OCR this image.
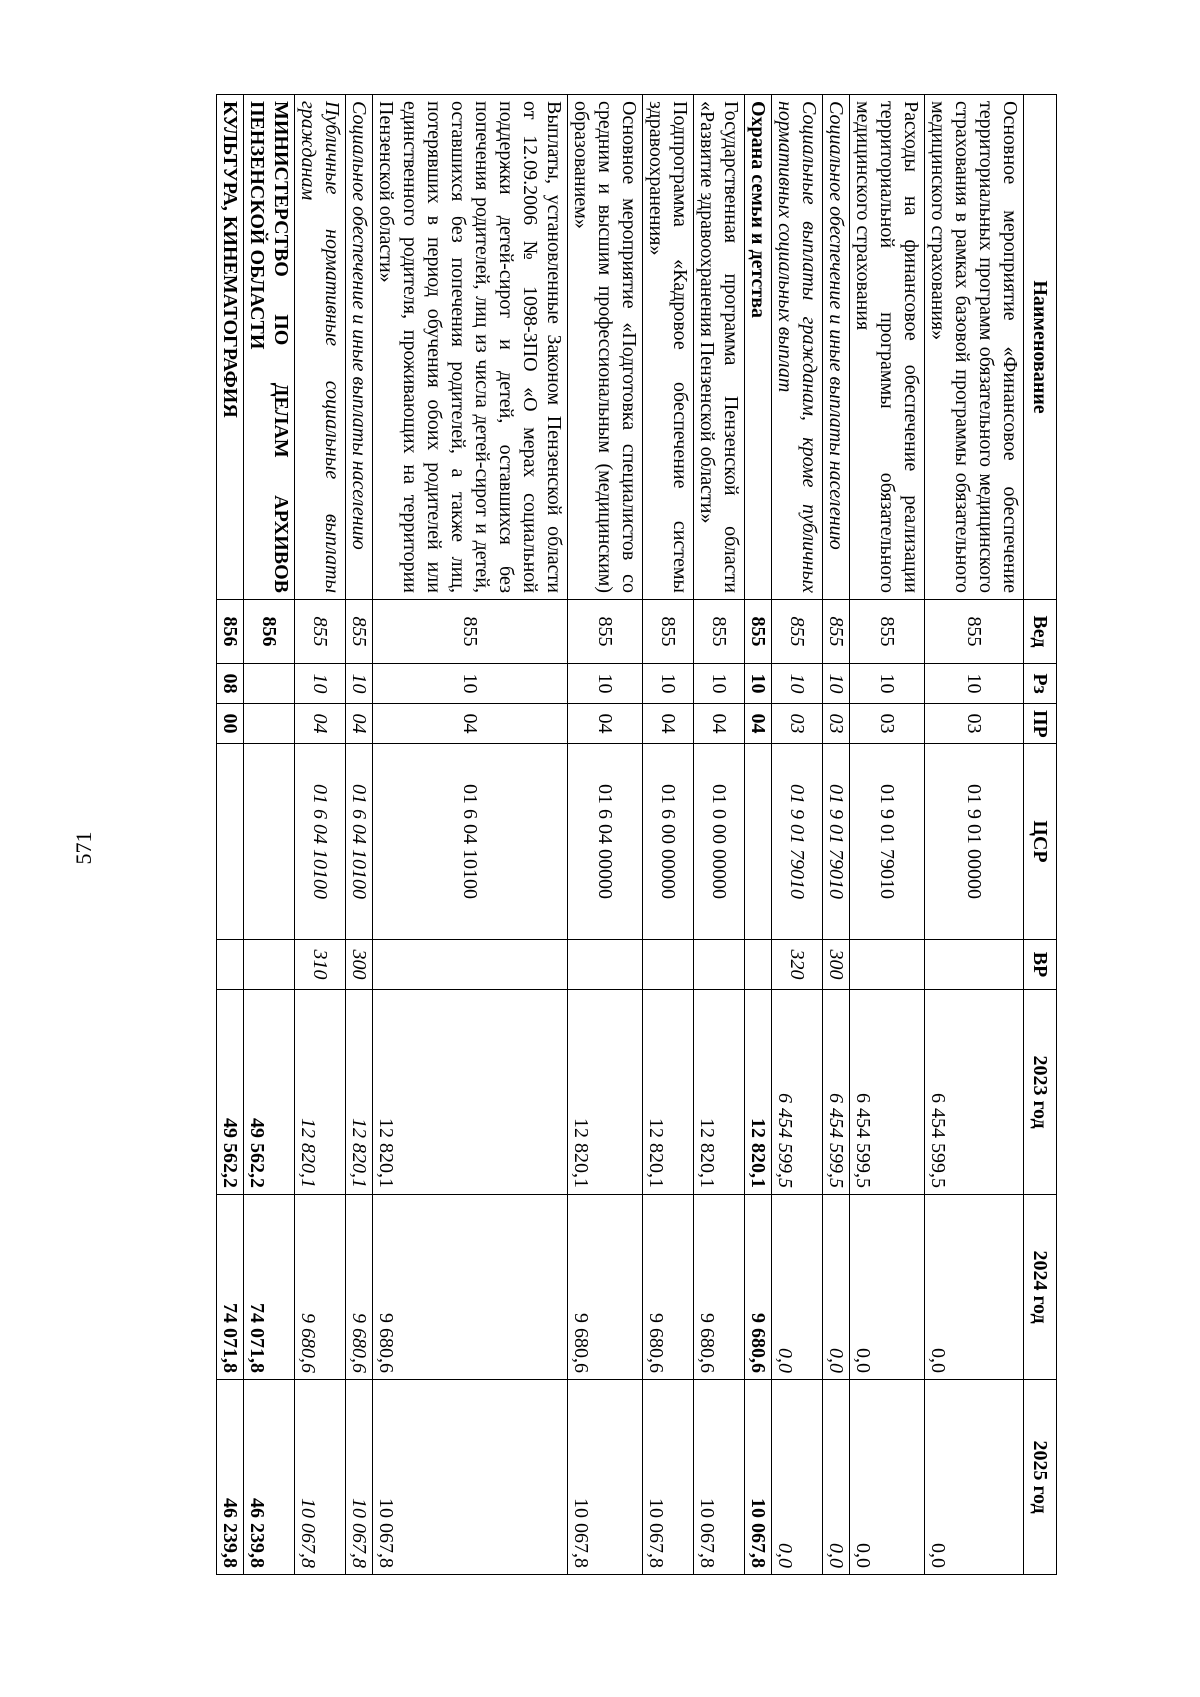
571
Наименование	Вед	Рз	ПР	ЦСР	ВР	2023 год	2024 год	2025 год
Основное мероприятие «Финансовое обеспечение территориальных программ обязательного медицинского страхования в рамках базовой программы обязательного медицинского страхования»	855	10	03	01 9 01 00000		6 454 599,5	0,0	0,0
Расходы на финансовое обеспечение реализации территориальной программы обязательного медицинского страхования	855	10	03	01 9 01 79010		6 454 599,5	0,0	0,0
Социальное обеспечение и иные выплаты населению	855	10	03	01 9 01 79010	300	6 454 599,5	0,0	0,0
Социальные выплаты гражданам, кроме публичных нормативных социальных выплат	855	10	03	01 9 01 79010	320	6 454 599,5	0,0	0,0
Охрана семьи и детства	855	10	04			12 820,1	9 680,6	10 067,8
Государственная программа Пензенской области «Развитие здравоохранения Пензенской области»	855	10	04	01 0 00 00000		12 820,1	9 680,6	10 067,8
Подпрограмма «Кадровое обеспечение системы здравоохранения»	855	10	04	01 6 00 00000		12 820,1	9 680,6	10 067,8
Основное мероприятие «Подготовка специалистов со средним и высшим профессиональным (медицинским) образованием»	855	10	04	01 6 04 00000		12 820,1	9 680,6	10 067,8
Выплаты, установленные Законом Пензенской области от 12.09.2006 № 1098-ЗПО «О мерах социальной поддержки детей-сирот и детей, оставшихся без попечения родителей, лиц из числа детей-сирот и детей, оставшихся без попечения родителей, а также лиц, потерявших в период обучения обоих родителей или единственного родителя, проживающих на территории Пензенской области»	855	10	04	01 6 04 10100		12 820,1	9 680,6	10 067,8
Социальное обеспечение и иные выплаты населению	855	10	04	01 6 04 10100	300	12 820,1	9 680,6	10 067,8
Публичные нормативные социальные выплаты гражданам	855	10	04	01 6 04 10100	310	12 820,1	9 680,6	10 067,8
МИНИСТЕРСТВО ПО ДЕЛАМ АРХИВОВ ПЕНЗЕНСКОЙ ОБЛАСТИ	856					49 562,2	74 071,8	46 239,8
КУЛЬТУРА, КИНЕМАТОГРАФИЯ	856	08	00			49 562,2	74 071,8	46 239,8
